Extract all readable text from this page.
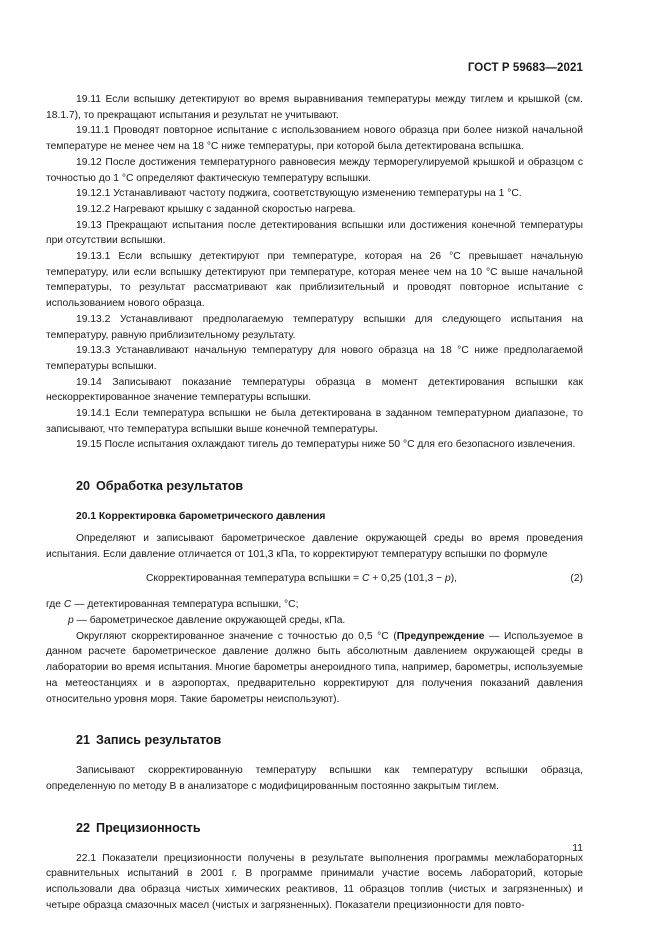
ГОСТ Р 59683—2021

19.11 Если вспышку детектируют во время выравнивания температуры между тиглем и крышкой (см. 18.1.7), то прекращают испытания и результат не учитывают.

19.11.1 Проводят повторное испытание с использованием нового образца при более низкой начальной температуре не менее чем на 18 °С ниже температуры, при которой была детектирована вспышка.

19.12 После достижения температурного равновесия между терморегулируемой крышкой и образцом с точностью до 1 °С определяют фактическую температуру вспышки.

19.12.1 Устанавливают частоту поджига, соответствующую изменению температуры на 1 °С.

19.12.2 Нагревают крышку с заданной скоростью нагрева.

19.13 Прекращают испытания после детектирования вспышки или достижения конечной температуры при отсутствии вспышки.

19.13.1 Если вспышку детектируют при температуре, которая на 26 °С превышает начальную температуру, или если вспышку детектируют при температуре, которая менее чем на 10 °С выше начальной температуры, то результат рассматривают как приблизительный и проводят повторное испытание с использованием нового образца.

19.13.2 Устанавливают предполагаемую температуру вспышки для следующего испытания на температуру, равную приблизительному результату.

19.13.3 Устанавливают начальную температуру для нового образца на 18 °С ниже предполагаемой температуры вспышки.

19.14 Записывают показание температуры образца в момент детектирования вспышки как нескорректированное значение температуры вспышки.

19.14.1 Если температура вспышки не была детектирована в заданном температурном диапазоне, то записывают, что температура вспышки выше конечной температуры.

19.15 После испытания охлаждают тигель до температуры ниже 50 °С для его безопасного извлечения.

20 Обработка результатов
20.1 Корректировка барометрического давления

Определяют и записывают барометрическое давление окружающей среды во время проведения испытания. Если давление отличается от 101,3 кПа, то корректируют температуру вспышки по формуле

Скорректированная температура вспышки = C + 0,25 (101,3 − p),	(2)

где C — детектированная температура вспышки, °С;

p — барометрическое давление окружающей среды, кПа.

Округляют скорректированное значение с точностью до 0,5 °С (Предупреждение — Используемое в данном расчете барометрическое давление должно быть абсолютным давлением окружающей среды в лаборатории во время испытания. Многие барометры анероидного типа, например, барометры, используемые на метеостанциях и в аэропортах, предварительно корректируют для получения показаний давления относительно уровня моря. Такие барометры неиспользуют).

21 Запись результатов

Записывают скорректированную температуру вспышки как температуру вспышки образца, определенную по методу В в анализаторе с модифицированным постоянно закрытым тиглем.

22 Прецизионность

22.1 Показатели прецизионности получены в результате выполнения программы межлабораторных сравнительных испытаний в 2001 г. В программе принимали участие восемь лабораторий, которые использовали два образца чистых химических реактивов, 11 образцов топлив (чистых и загрязненных) и четыре образца смазочных масел (чистых и загрязненных). Показатели прецизионности для повто-

11
